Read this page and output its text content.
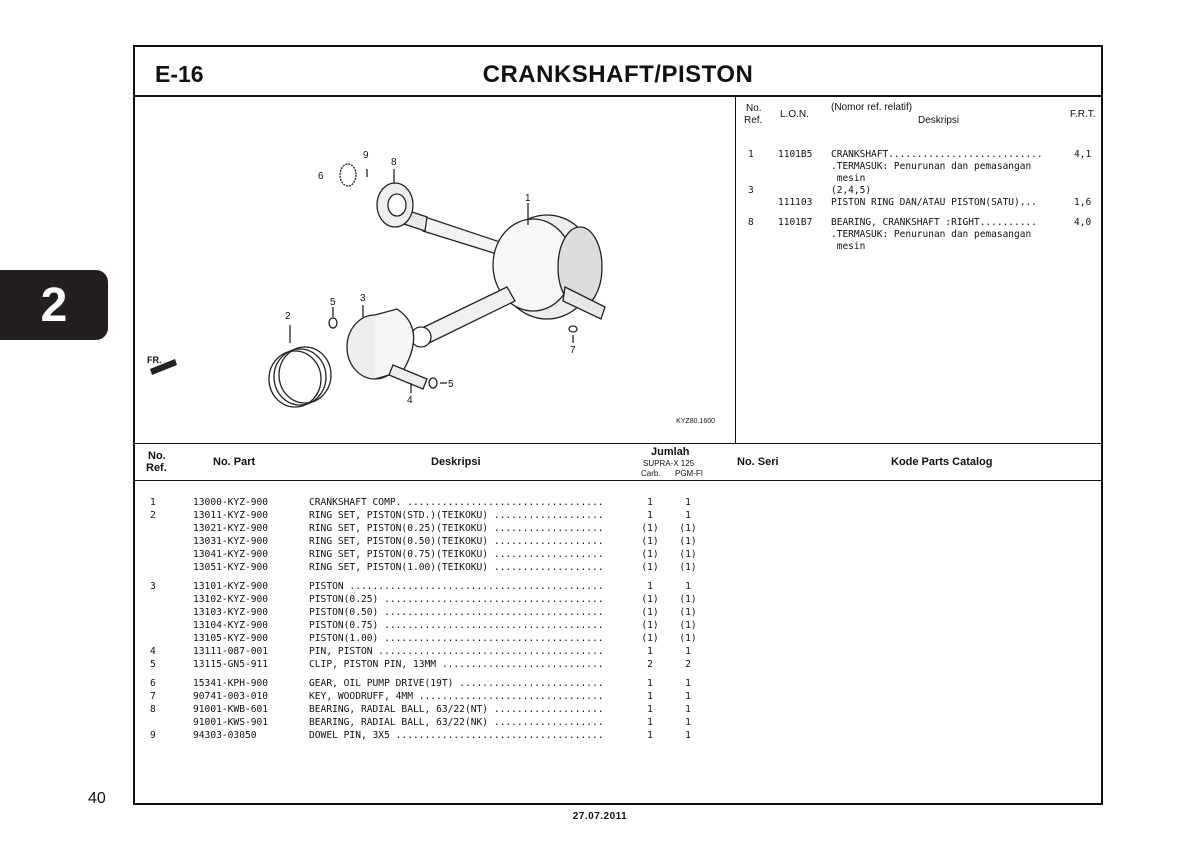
2
E-16	CRANKSHAFT/PISTON
1
2
3
4
5
5
6
7
8
9
FR.
KYZ80.1600
No.
Ref.
L.O.N.
(Nomor ref. relatif)
Deskripsi
F.R.T.
1	1101B5 CRANKSHAFT...........................	4,1
.TERMASUK: Penurunan dan pemasangan
mesin
3	(2,4,5)
111103 PISTON RING DAN/ATAU PISTON(SATU)...	1,6
8	1101B7 BEARING, CRANKSHAFT :RIGHT..........	4,0
.TERMASUK: Penurunan dan pemasangan
mesin
No.
Ref.	No. Part	Deskripsi
Jumlah
SUPRA-X 125
Carb. PGM-FI
No. Seri	Kode Parts Catalog
1	13000-KYZ-900	CRANKSHAFT COMP. ..................................	1	1
2	13011-KYZ-900	RING SET, PISTON(STD.)(TEIKOKU) ...................	1	1
13021-KYZ-900	RING SET, PISTON(0.25)(TEIKOKU) ...................	(1)	(1)
13031-KYZ-900	RING SET, PISTON(0.50)(TEIKOKU) ...................	(1)	(1)
13041-KYZ-900	RING SET, PISTON(0.75)(TEIKOKU) ...................	(1)	(1)
13051-KYZ-900	RING SET, PISTON(1.00)(TEIKOKU) ...................	(1)	(1)
3	13101-KYZ-900	PISTON ............................................	1	1
13102-KYZ-900	PISTON(0.25) ......................................	(1)	(1)
13103-KYZ-900	PISTON(0.50) ......................................	(1)	(1)
13104-KYZ-900	PISTON(0.75) ......................................	(1)	(1)
13105-KYZ-900	PISTON(1.00) ......................................	(1)	(1)
4	13111-087-001	PIN, PISTON .......................................	1	1
5	13115-GN5-911	CLIP, PISTON PIN, 13MM ............................	2	2
6	15341-KPH-900	GEAR, OIL PUMP DRIVE(19T) .........................	1	1
7	90741-003-010	KEY, WOODRUFF, 4MM ................................	1	1
8	91001-KWB-601	BEARING, RADIAL BALL, 63/22(NT) ...................	1	1
91001-KWS-901	BEARING, RADIAL BALL, 63/22(NK) ...................	1	1
9	94303-03050	DOWEL PIN, 3X5 ....................................	1	1
40
27.07.2011
